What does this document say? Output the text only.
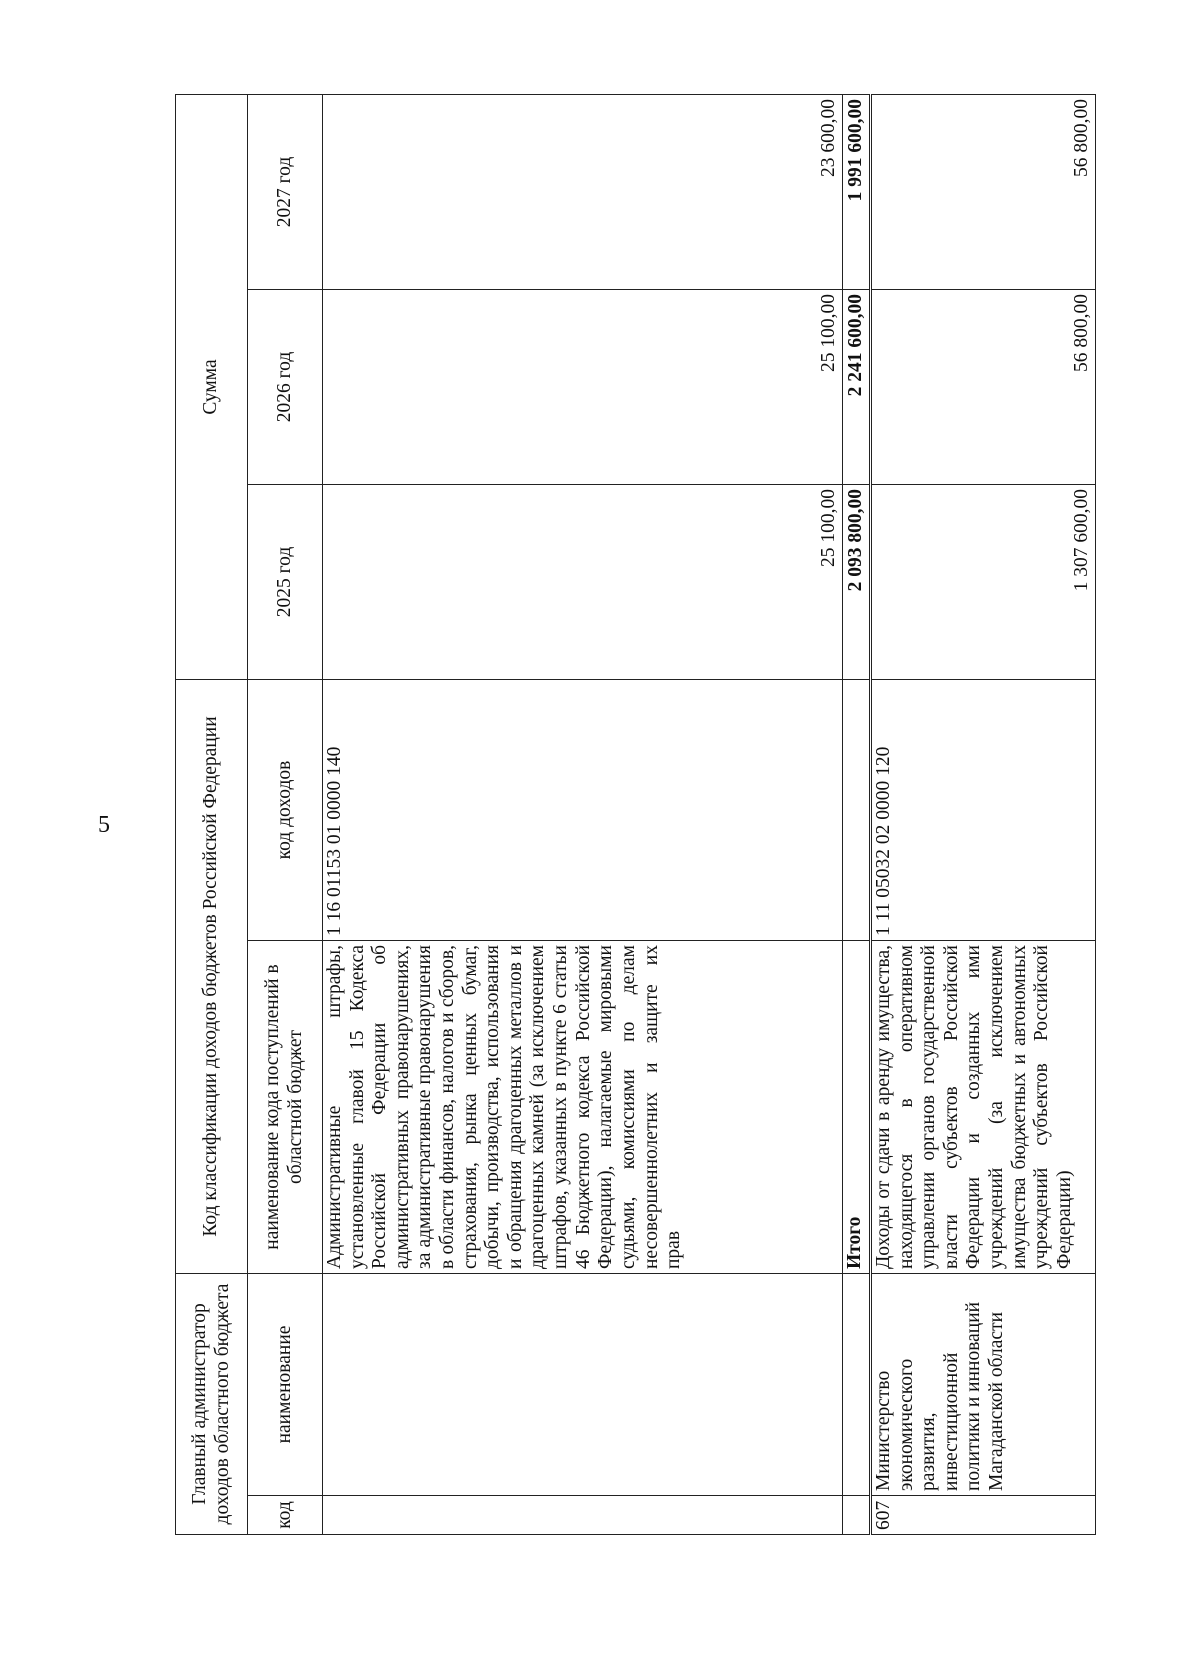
5
Главный администратор доходов областного бюджета		Код классификации доходов бюджетов Российской Федерации		Сумма		
код	наименование	наименование кода поступлений в областной бюджет	код доходов	2025 год	2026 год	2027 год
		Административные штрафы, установленные главой 15 Кодекса Российской Федерации об административных правонарушениях, за административные правонарушения в области финансов, налогов и сборов, страхования, рынка ценных бумаг, добычи, производства, использования и обращения драгоценных металлов и драгоценных камней (за исключением штрафов, указанных в пункте 6 статьи 46 Бюджетного кодекса Российской Федерации), налагаемые мировыми судьями, комиссиями по делам несовершеннолетних и защите их прав	1 16 01153 01 0000 140	25 100,00	25 100,00	23 600,00
		Итого		2 093 800,00	2 241 600,00	1 991 600,00
607	Министерство экономического развития, инвестиционной политики и инноваций Магаданской области	Доходы от сдачи в аренду имущества, находящегося в оперативном управлении органов государственной власти субъектов Российской Федерации и созданных ими учреждений (за исключением имущества бюджетных и автономных учреждений субъектов Российской Федерации)	1 11 05032 02 0000 120	1 307 600,00	56 800,00	56 800,00
